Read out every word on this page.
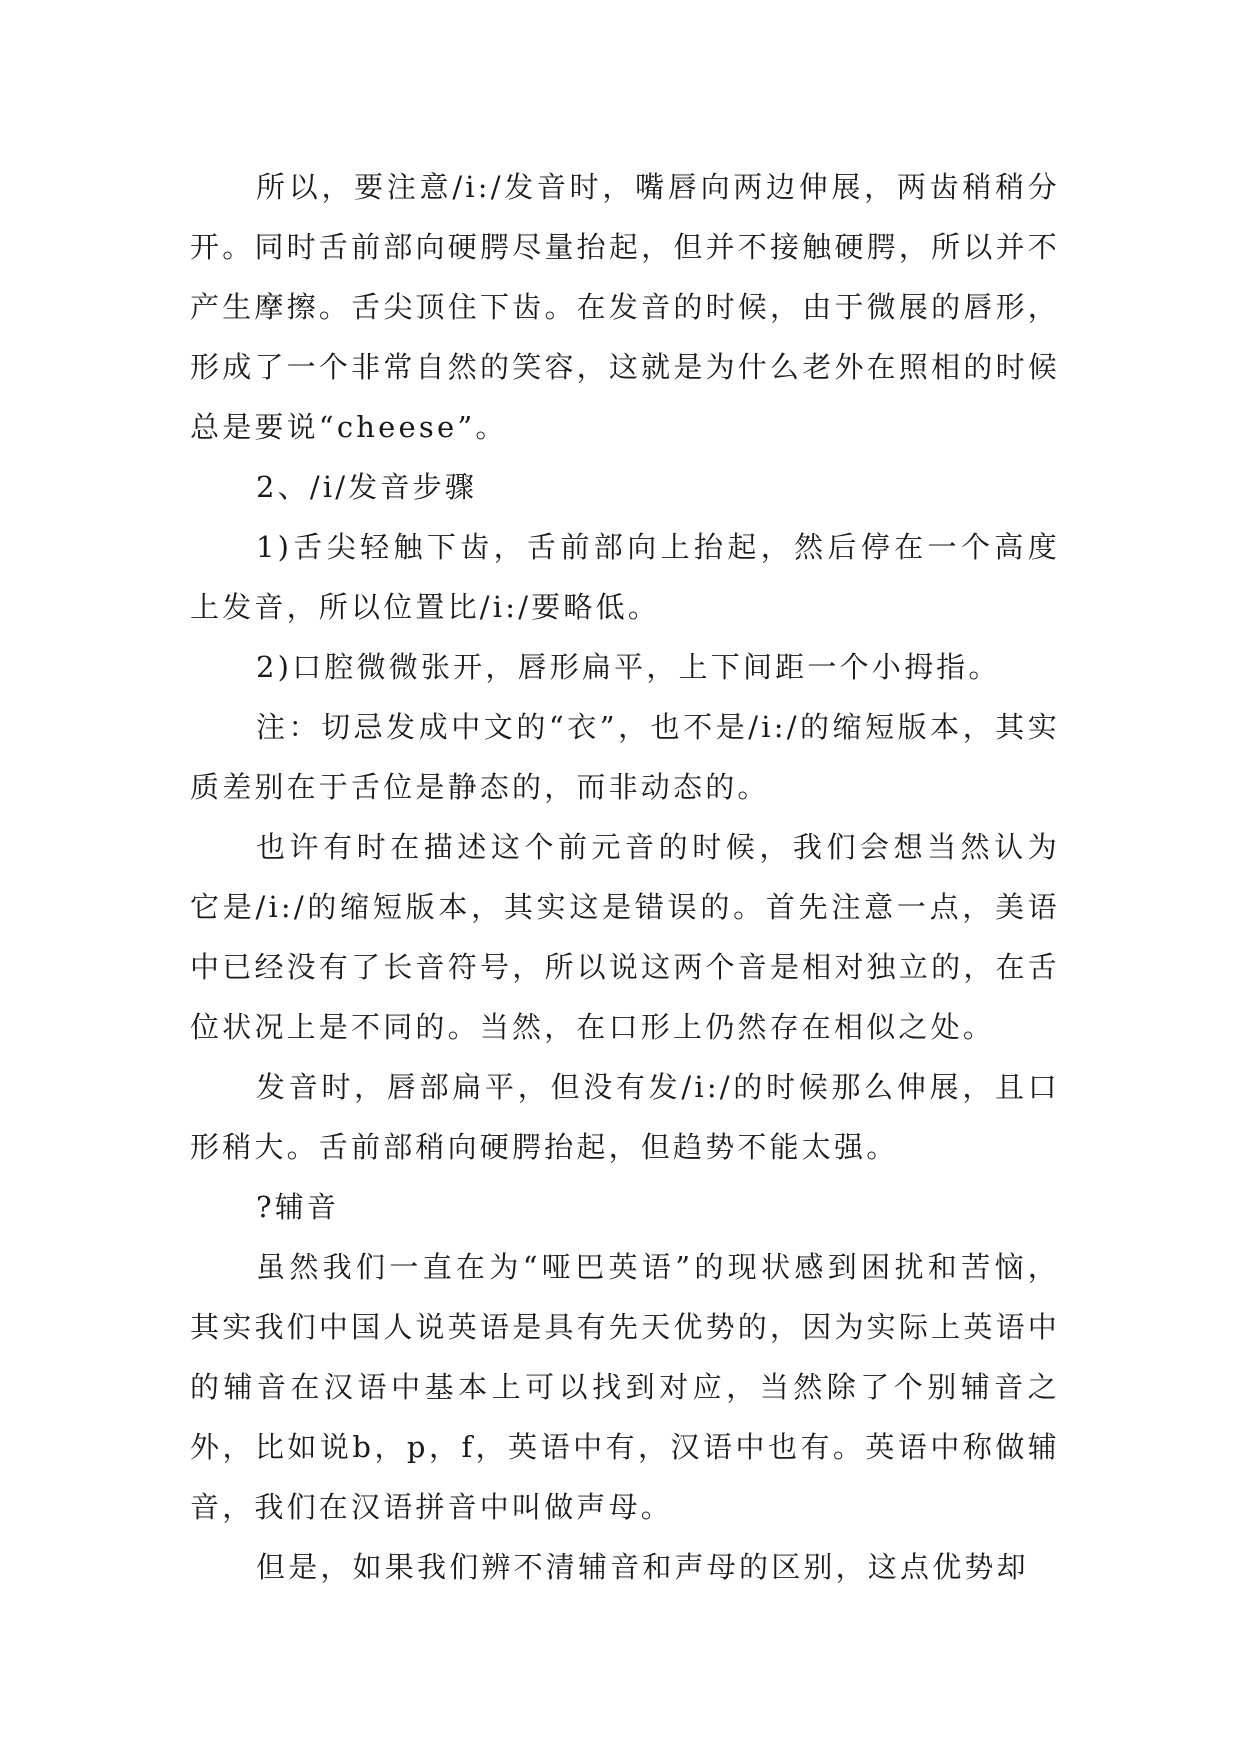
所以，要注意/i:/发音时，嘴唇向两边伸展，两齿稍稍分开。同时舌前部向硬腭尽量抬起，但并不接触硬腭，所以并不产生摩擦。舌尖顶住下齿。在发音的时候，由于微展的唇形，形成了一个非常自然的笑容，这就是为什么老外在照相的时候总是要说“cheese”。

2、/i/发音步骤

1)舌尖轻触下齿，舌前部向上抬起，然后停在一个高度上发音，所以位置比/i:/要略低。

2)口腔微微张开，唇形扁平，上下间距一个小拇指。

注：切忌发成中文的“衣”，也不是/i:/的缩短版本，其实质差别在于舌位是静态的，而非动态的。

也许有时在描述这个前元音的时候，我们会想当然认为它是/i:/的缩短版本，其实这是错误的。首先注意一点，美语中已经没有了长音符号，所以说这两个音是相对独立的，在舌位状况上是不同的。当然，在口形上仍然存在相似之处。

发音时，唇部扁平，但没有发/i:/的时候那么伸展，且口形稍大。舌前部稍向硬腭抬起，但趋势不能太强。

?辅音

虽然我们一直在为“哑巴英语”的现状感到困扰和苦恼，其实我们中国人说英语是具有先天优势的，因为实际上英语中的辅音在汉语中基本上可以找到对应，当然除了个别辅音之外，比如说b，p，f，英语中有，汉语中也有。英语中称做辅音，我们在汉语拼音中叫做声母。

但是，如果我们辨不清辅音和声母的区别，这点优势却
